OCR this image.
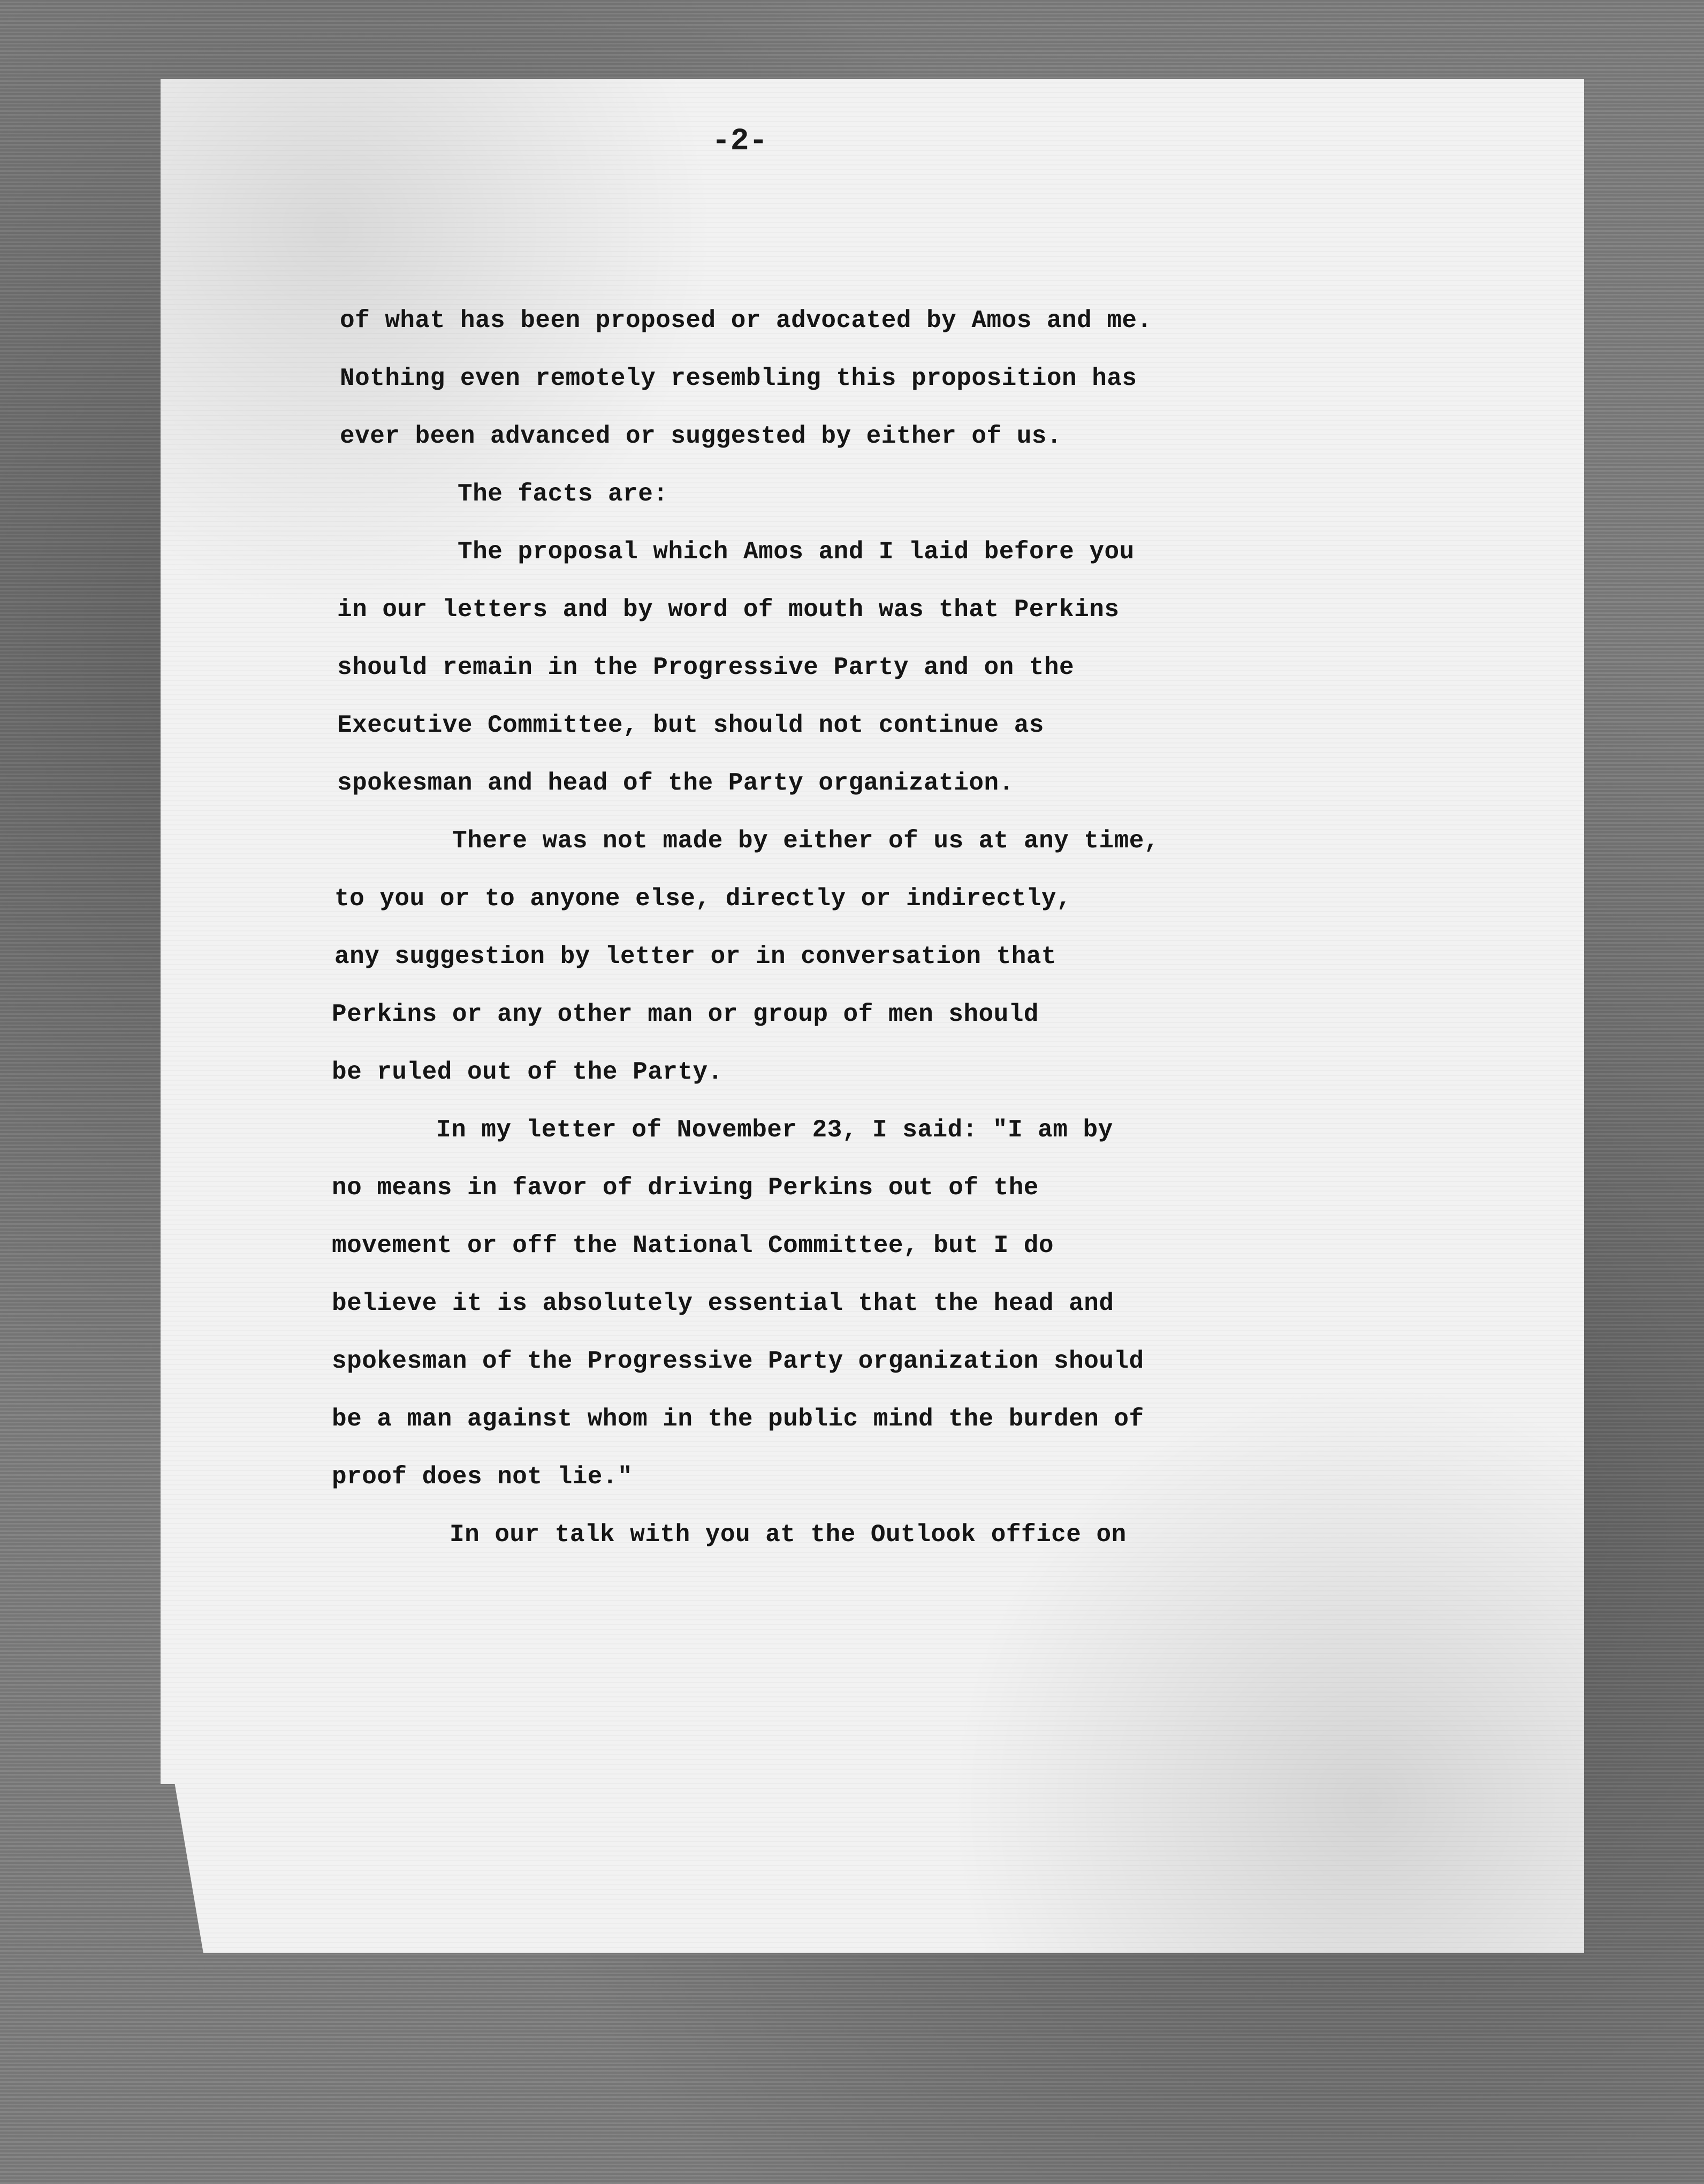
-2-

of what has been proposed or advocated by Amos and me.

Nothing even remotely resembling this proposition has

ever been advanced or suggested by either of us.

The facts are:

The proposal which Amos and I laid before you

in our letters and by word of mouth was that Perkins

should remain in the Progressive Party and on the

Executive Committee, but should not continue as

spokesman and head of the Party organization.

There was not made by either of us at any time,

to you or to anyone else, directly or indirectly,

any suggestion by letter or in conversation that

Perkins or any other man or group of men should

be ruled out of the Party.

In my letter of November 23, I said: "I am by

no means in favor of driving Perkins out of the

movement or off the National Committee, but I do

believe it is absolutely essential that the head and

spokesman of the Progressive Party organization should

be a man against whom in the public mind the burden of

proof does not lie."

In our talk with you at the Outlook office on
